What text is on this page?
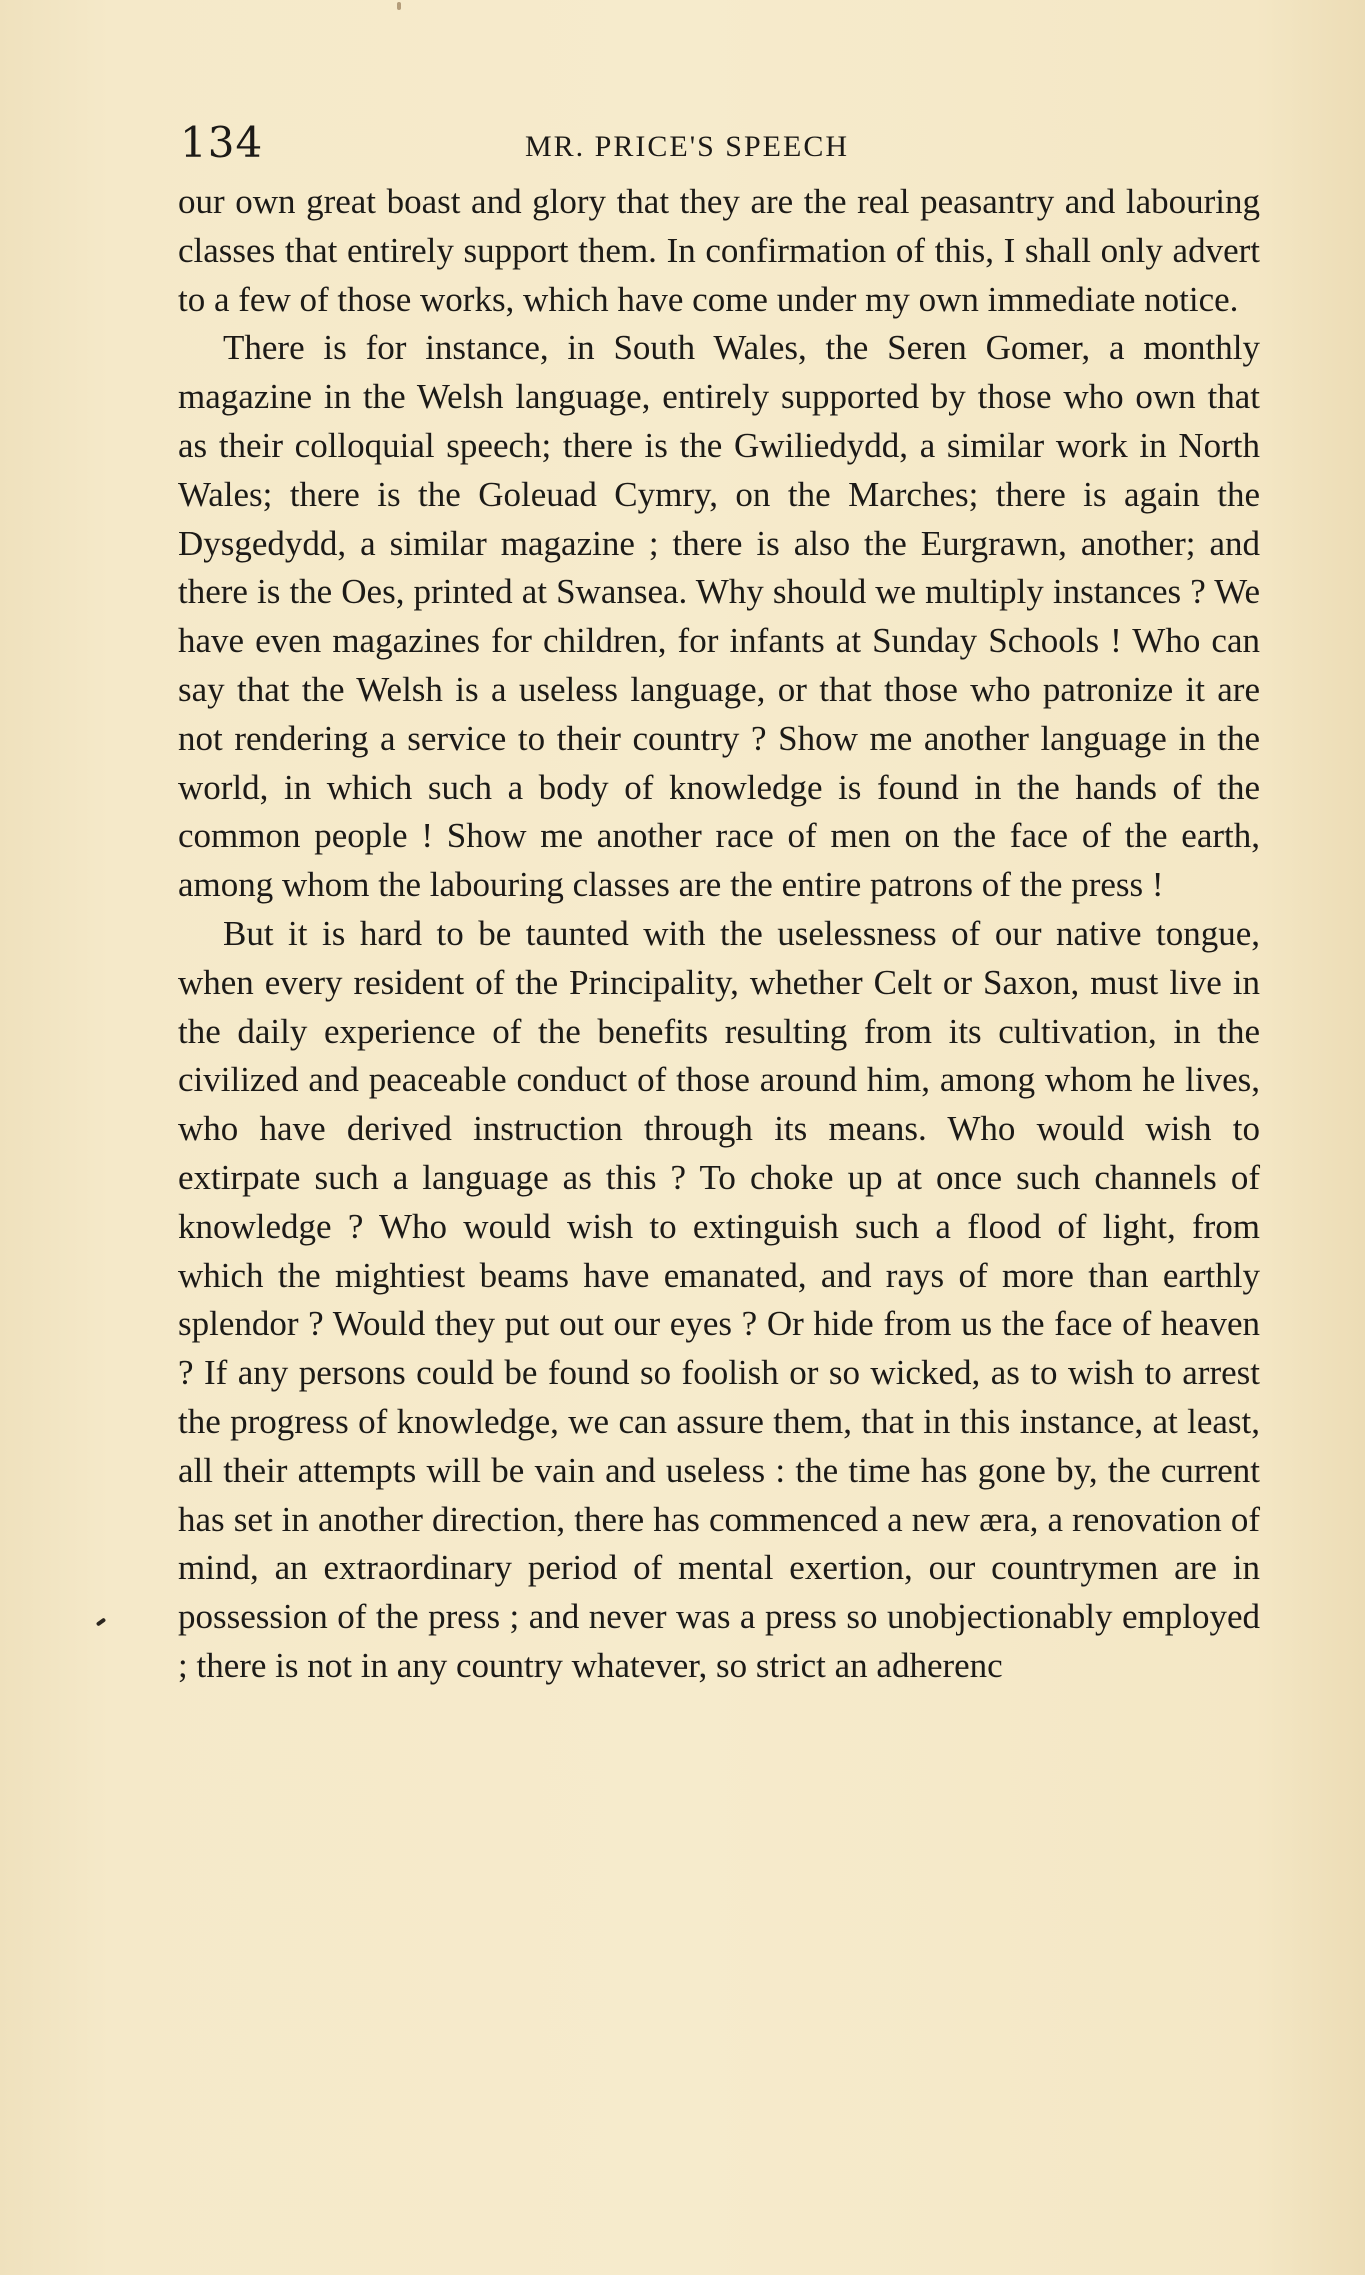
134	MR. PRICE'S SPEECH

our own great boast and glory that they are the real peasantry and labouring classes that entirely support them. In confirmation of this, I shall only advert to a few of those works, which have come under my own immediate notice.

There is for instance, in South Wales, the Seren Gomer, a monthly magazine in the Welsh language, entirely supported by those who own that as their colloquial speech; there is the Gwiliedydd, a similar work in North Wales; there is the Goleuad Cymry, on the Marches; there is again the Dysgedydd, a similar magazine ; there is also the Eurgrawn, another; and there is the Oes, printed at Swansea. Why should we multiply instances ? We have even magazines for children, for infants at Sunday Schools ! Who can say that the Welsh is a useless language, or that those who patronize it are not rendering a service to their country ? Show me another language in the world, in which such a body of knowledge is found in the hands of the common people ! Show me another race of men on the face of the earth, among whom the labouring classes are the entire patrons of the press !

But it is hard to be taunted with the uselessness of our native tongue, when every resident of the Principality, whether Celt or Saxon, must live in the daily experience of the benefits resulting from its cultivation, in the civilized and peaceable conduct of those around him, among whom he lives, who have derived instruction through its means. Who would wish to extirpate such a language as this ? To choke up at once such channels of knowledge ? Who would wish to extinguish such a flood of light, from which the mightiest beams have emanated, and rays of more than earthly splendor ? Would they put out our eyes ? Or hide from us the face of heaven ? If any persons could be found so foolish or so wicked, as to wish to arrest the progress of knowledge, we can assure them, that in this instance, at least, all their attempts will be vain and useless : the time has gone by, the current has set in another direction, there has commenced a new æra, a renovation of mind, an extraordinary period of mental exertion, our countrymen are in possession of the press ; and never was a press so unobjectionably employed ; there is not in any country whatever, so strict an adherenc
